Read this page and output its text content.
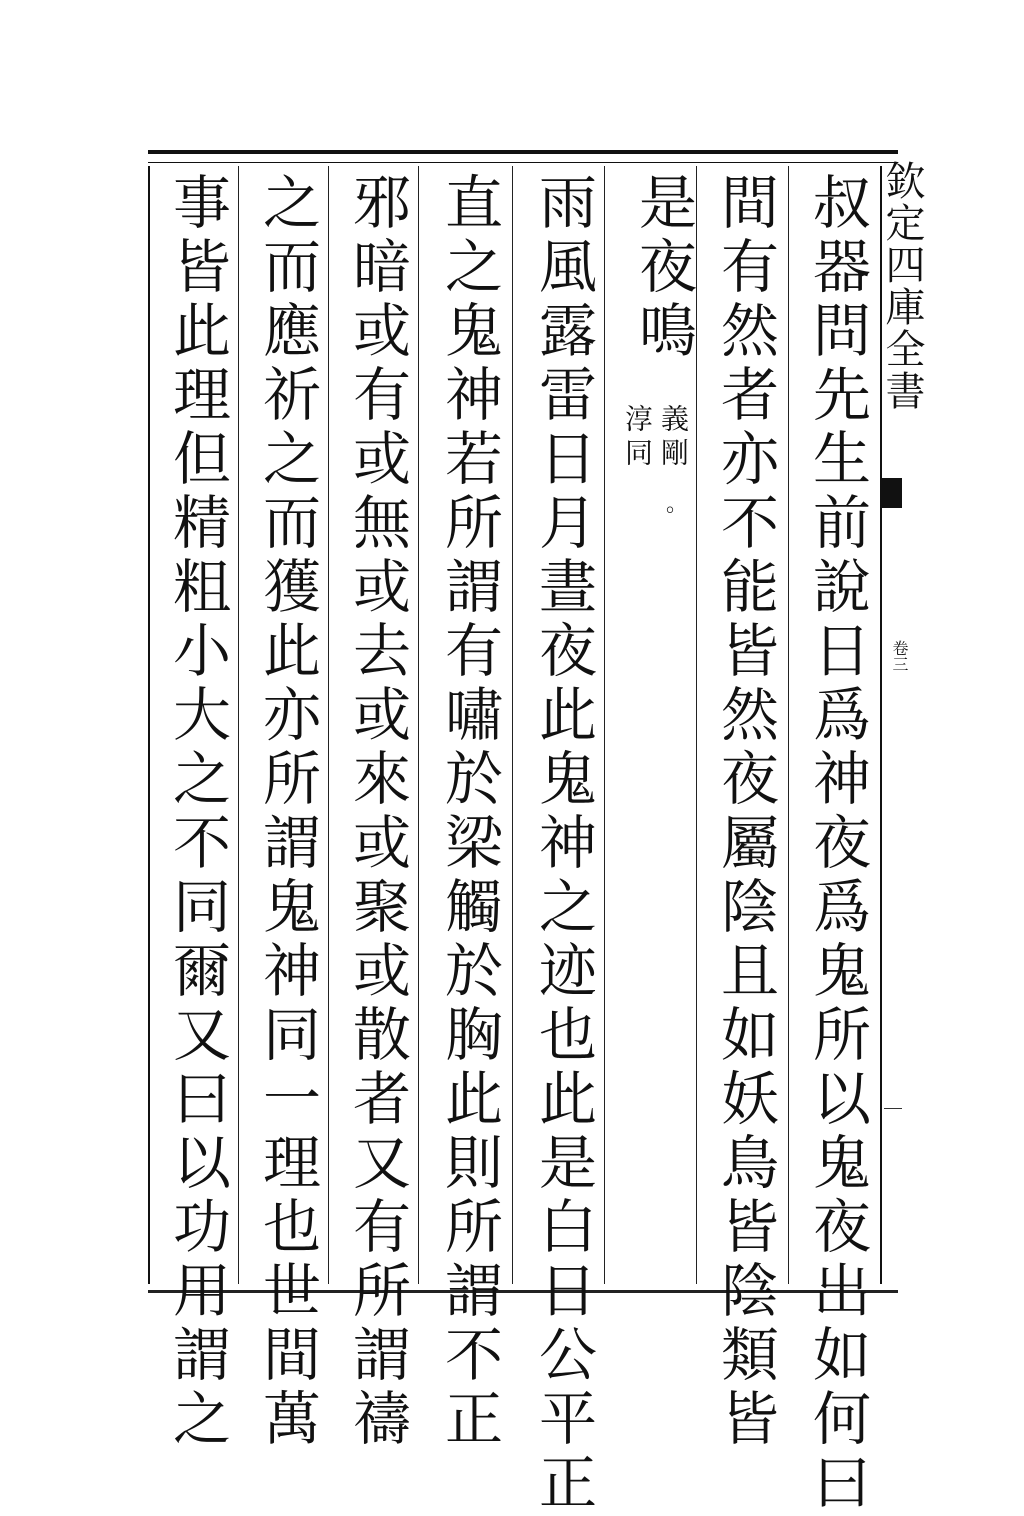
欽定四庫全書
卷三
叔器問先生前說日爲神夜爲鬼所以鬼夜出如何曰
間有然者亦不能皆然夜屬陰且如妖鳥皆陰類皆
是夜鳴
義剛
淳同
。
雨風露雷日月晝夜此鬼神之迹也此是白日公平正
直之鬼神若所謂有嘯於梁觸於胸此則所謂不正
邪暗或有或無或去或來或聚或散者又有所謂禱
之而應祈之而獲此亦所謂鬼神同一理也世間萬
事皆此理但精粗小大之不同爾又曰以功用謂之
